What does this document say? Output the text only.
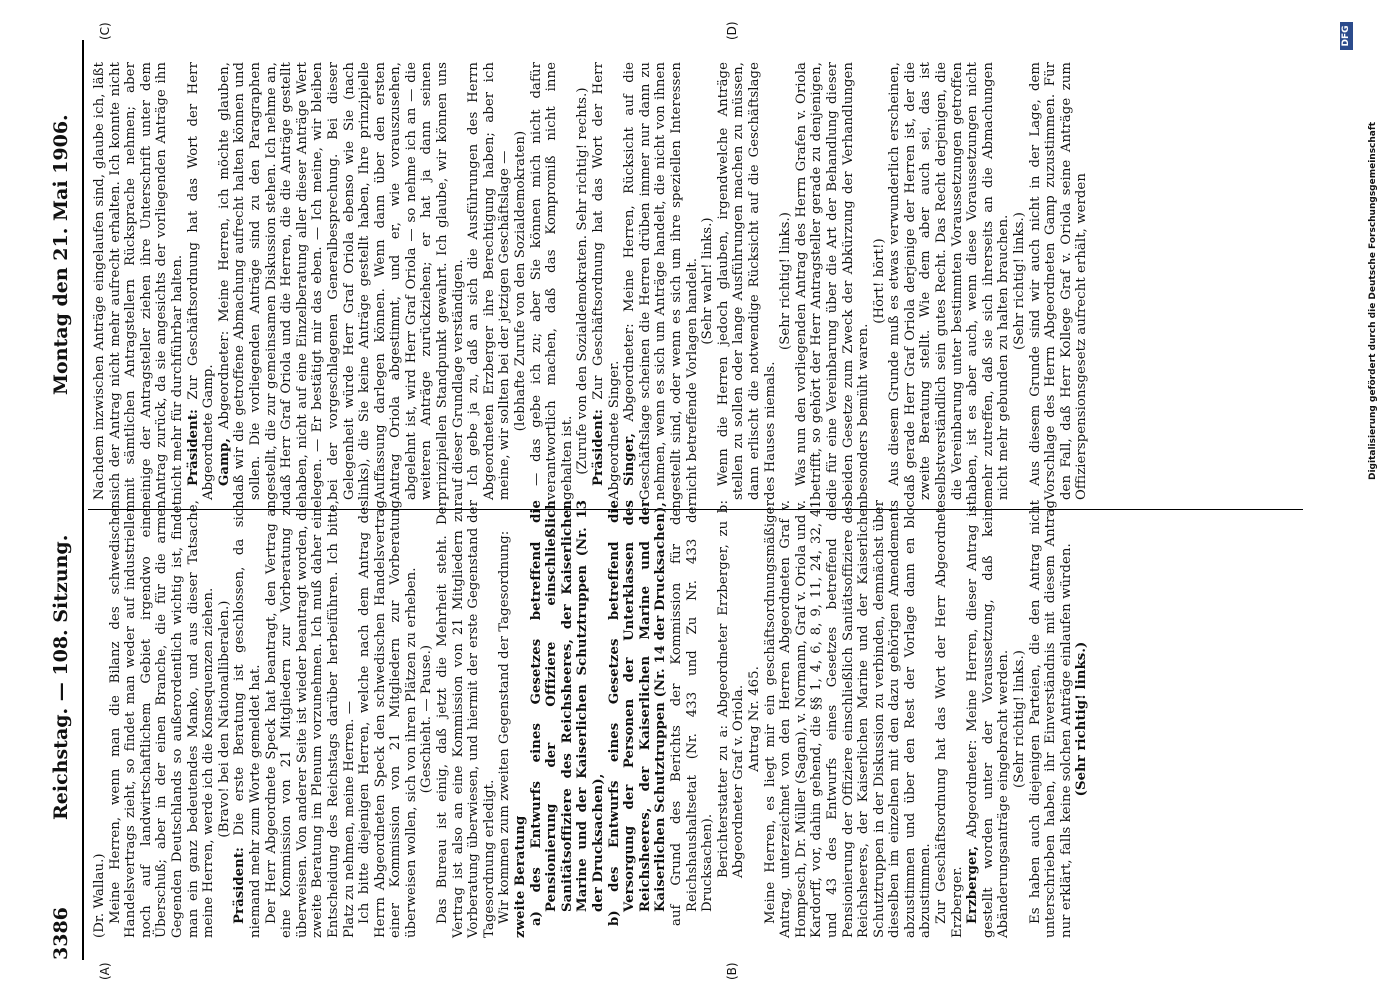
3386
Reichstag. — 108. Sitzung.
Montag den 21. Mai 1906.
(A)	(B)
(C)	(D)

(Dr. Wallau.) Meine Herren, wenn man die Bilanz des schwedischen Handelsvertrags zieht, so findet man weder auf industriellem noch auf landwirtschaftlichem Gebiet irgendwo einen Überschuß; aber in der einen Branche, die für die armen Gegenden Deutschlands so außerordentlich wichtig ist, findet man ein ganz bedeutendes Manko, und aus dieser Tatsache, meine Herren, werde ich die Konsequenzen ziehen. (Bravo! bei den Nationalliberalen.)

Präsident: Die erste Beratung ist geschlossen, da sich niemand mehr zum Worte gemeldet hat. Der Herr Abgeordnete Speck hat beantragt, den Vertrag an eine Kommission von 21 Mitgliedern zur Vorberatung zu überweisen. Von anderer Seite ist wieder beantragt worden, die zweite Beratung im Plenum vorzunehmen. Ich muß daher eine Entscheidung des Reichstags darüber herbeiführen. Ich bitte, Platz zu nehmen, meine Herren. — Ich bitte diejenigen Herren, welche nach dem Antrag des Herrn Abgeordneten Speck den schwedischen Handelsvertrag einer Kommission von 21 Mitgliedern zur Vorberatung überweisen wollen, sich von ihren Plätzen zu erheben. (Geschieht. — Pause.) Das Bureau ist einig, daß jetzt die Mehrheit steht. Der Vertrag ist also an eine Kommission von 21 Mitgliedern zur Vorberatung überwiesen, und hiermit der erste Gegenstand der Tagesordnung erledigt. Wir kommen zum zweiten Gegenstand der Tagesordnung: zweite Beratung a) des Entwurfs eines Gesetzes betreffend die Pensionierung der Offiziere einschließlich Sanitätsoffiziere des Reichsheeres, der Kaiserlichen Marine und der Kaiserlichen Schutztruppen (Nr. 13 der Drucksachen), b) des Entwurfs eines Gesetzes betreffend die Versorgung der Personen der Unterklassen des Reichsheeres, der Kaiserlichen Marine und der Kaiserlichen Schutztruppen (Nr. 14 der Drucksachen), auf Grund des Berichts der Kommission für den Reichshaushaltsetat (Nr. 433 und Zu Nr. 433 der Drucksachen). Berichterstatter zu a: Abgeordneter Erzberger, zu b: Abgeordneter Graf v. Oriola. Antrag Nr. 465. Meine Herren, es liegt mir ein geschäftsordnungsmäßiger Antrag, unterzeichnet von den Herren Abgeordneten Graf v. Hompesch, Dr. Müller (Sagan), v. Normann, Graf v. Oriola und v. Kardorff, vor, dahin gehend, die §§ 1, 4, 6, 8, 9, 11, 24, 32, 41 und 43 des Entwurfs eines Gesetzes betreffend die Pensionierung der Offiziere einschließlich Sanitätsoffiziere des Reichsheeres, der Kaiserlichen Marine und der Kaiserlichen Schutztruppen in der Diskussion zu verbinden, demnächst über dieselben im einzelnen mit den dazu gehörigen Amendements abzustimmen und über den Rest der Vorlage dann en bloc abzustimmen. Zur Geschäftsordnung hat das Wort der Herr Abgeordnete Erzberger. Erzberger, Abgeordneter: Meine Herren, dieser Antrag ist gestellt worden unter der Voraussetzung, daß keine Abänderungsanträge eingebracht werden. (Sehr richtig! links.) Es haben auch diejenigen Parteien, die den Antrag nicht unterschrieben haben, ihr Einverständnis mit diesem Antrag nur erklärt, falls keine solchen Anträge einlaufen würden. (Sehr richtig! links.)

Nachdem inzwischen Anträge eingelaufen sind, glaube ich, läßt sich der Antrag nicht mehr aufrecht erhalten. Ich konnte nicht mit sämtlichen Antragstellern Rücksprache nehmen; aber einige der Antragsteller ziehen ihre Unterschrift unter dem Antrag zurück, da sie angesichts der vorliegenden Anträge ihn nicht mehr für durchführbar halten. Präsident: Zur Geschäftsordnung hat das Wort der Herr Abgeordnete Gamp. Gamp, Abgeordneter: Meine Herren, ich möchte glauben, daß wir die getroffene Abmachung aufrecht halten können und sollen. Die vorliegenden Anträge sind zu den Paragraphen gestellt, die zur gemeinsamen Diskussion stehen. Ich nehme an, daß Herr Graf Oriola und die Herren, die die Anträge gestellt haben, nicht auf eine Einzelberatung aller dieser Anträge Wert legen. — Er bestätigt mir das eben. — Ich meine, wir bleiben bei der vorgeschlagenen Generalbesprechung. Bei dieser Gelegenheit würde Herr Graf Oriola ebenso wie Sie (nach links), die Sie keine Anträge gestellt haben, Ihre prinzipielle Auffassung darlegen können. Wenn dann über den ersten Antrag Oriola abgestimmt, und er, wie vorauszusehen, abgelehnt ist, wird Herr Graf Oriola — so nehme ich an — die weiteren Anträge zurückziehen; er hat ja dann seinen prinzipiellen Standpunkt gewahrt. Ich glaube, wir können uns auf dieser Grundlage verständigen. Ich gebe ja zu, daß an sich die Ausführungen des Herrn Abgeordneten Erzberger ihre Berechtigung haben; aber ich meine, wir sollten bei der jetzigen Geschäftslage — (lebhafte Zurufe von den Sozialdemokraten) — das gebe ich zu; aber Sie können mich nicht dafür verantwortlich machen, daß das Kompromiß nicht inne gehalten ist. (Zurufe von den Sozialdemokraten. Sehr richtig! rechts.) Präsident: Zur Geschäftsordnung hat das Wort der Herr Abgeordnete Singer. Singer, Abgeordneter: Meine Herren, Rücksicht auf die Geschäftslage scheinen die Herren drüben immer nur dann zu nehmen, wenn es sich um Anträge handelt, die nicht von ihnen gestellt sind, oder wenn es sich um ihre speziellen Interessen nicht betreffende Vorlagen handelt. (Sehr wahr! links.) Wenn die Herren jedoch glauben, irgendwelche Anträge stellen zu sollen oder lange Ausführungen machen zu müssen, dann erlischt die notwendige Rücksicht auf die Geschäftslage des Hauses niemals.

(Sehr richtig! links.) Was nun den vorliegenden Antrag des Herrn Grafen v. Oriola betrifft, so gehört der Herr Antragsteller gerade zu denjenigen, die für eine Vereinbarung über die Art der Behandlung dieser beiden Gesetze zum Zweck der Abkürzung der Verhandlungen besonders bemüht waren.

(Hört! hört!) Aus diesem Grunde muß es etwas verwunderlich erscheinen, daß gerade Herr Graf Oriola derjenige der Herren ist, der die zweite Beratung stellt. Wie dem aber auch sei, das ist selbstverständlich sein gutes Recht. Das Recht derjenigen, die die Vereinbarung unter bestimmten Voraussetzungen getroffen haben, ist es aber auch, wenn diese Voraussetzungen nicht mehr zutreffen, daß sie sich ihrerseits an die Abmachungen nicht mehr gebunden zu halten brauchen. (Sehr richtig! links.) Aus diesem Grunde sind wir auch nicht in der Lage, dem Vorschlage des Herrn Abgeordneten Gamp zuzustimmen. Für den Fall, daß Herr Kollege Graf v. Oriola seine Anträge zum Offizierspensionsgesetz aufrecht erhält, werden	Digitalisierung gefördert durch die Deutsche Forschungsgemeinschaft
DFG
